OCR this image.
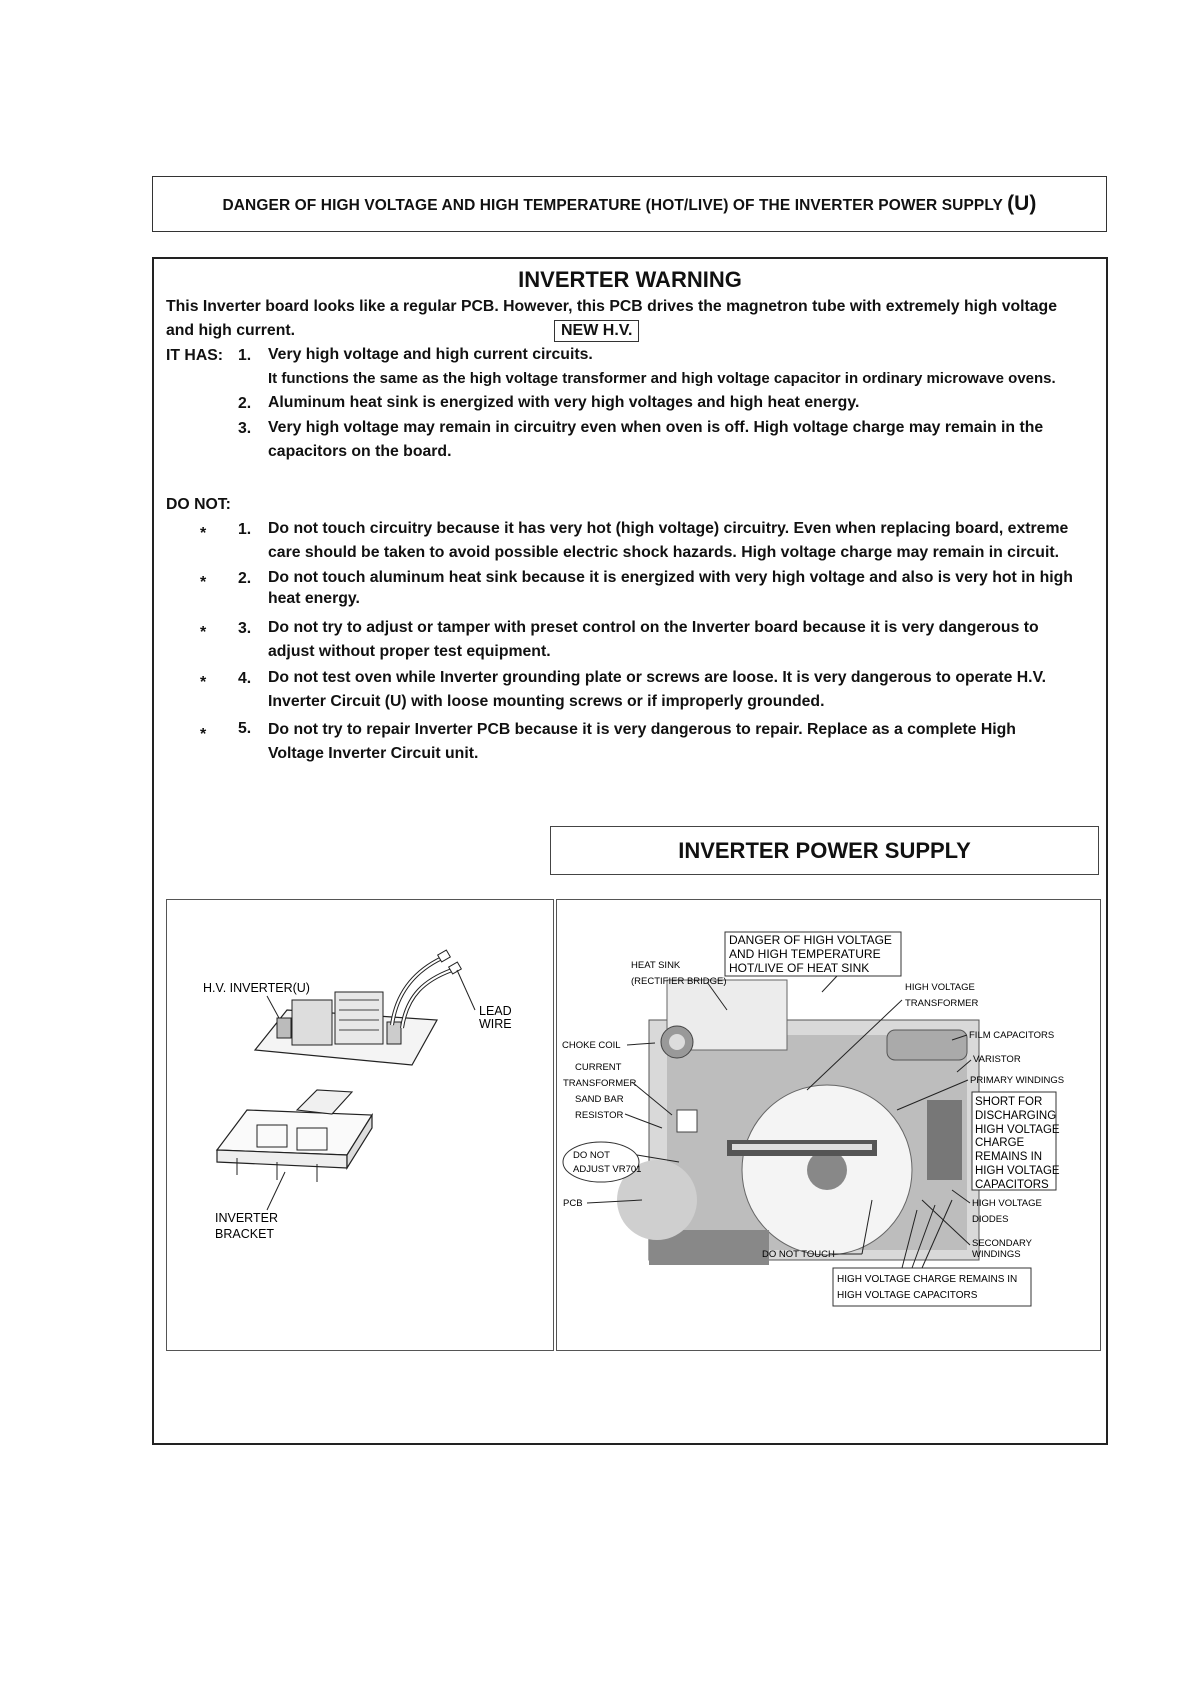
DANGER OF HIGH VOLTAGE AND HIGH TEMPERATURE (HOT/LIVE) OF THE INVERTER POWER SUPPLY (U)
INVERTER WARNING
This Inverter board looks like a regular PCB. However, this PCB drives the magnetron tube with extremely high voltage
and high current.	NEW H.V.
IT HAS: 1. Very high voltage and high current circuits.
It functions the same as the high voltage transformer and high voltage capacitor in ordinary microwave ovens.
2. Aluminum heat sink is energized with very high voltages and high heat energy.
3. Very high voltage may remain in circuitry even when oven is off. High voltage charge may remain in the
capacitors on the board.
DO NOT:
* 1. Do not touch circuitry because it has very hot (high voltage) circuitry. Even when replacing board, extreme
care should be taken to avoid possible electric shock hazards. High voltage charge may remain in circuit.
* 2. Do not touch aluminum heat sink because it is energized with very high voltage and also is very hot in high
heat energy.
* 3. Do not try to adjust or tamper with preset control on the Inverter board because it is very dangerous to
adjust without proper test equipment.
* 4. Do not test oven while Inverter grounding plate or screws are loose. It is very dangerous to operate H.V.
Inverter Circuit (U) with loose mounting screws or if improperly grounded.
* 5. Do not try to repair Inverter PCB because it is very dangerous to repair. Replace as a complete High
Voltage Inverter Circuit unit.
INVERTER POWER SUPPLY
H.V. INVERTER(U)
LEAD
WIRE
INVERTER
BRACKET
DANGER OF HIGH VOLTAGE
AND HIGH TEMPERATURE
HOT/LIVE OF HEAT SINK
HEAT SINK
(RECTIFIER BRIDGE)
HIGH VOLTAGE
TRANSFORMER
CHOKE COIL
FILM CAPACITORS
CURRENT
TRANSFORMER
VARISTOR
SAND BAR
RESISTOR
PRIMARY WINDINGS
SHORT FOR
DISCHARGING
HIGH VOLTAGE
CHARGE
REMAINS IN
HIGH VOLTAGE
CAPACITORS
DO NOT
ADJUST VR701
PCB	HIGH VOLTAGE
DIODES
SECONDARY
WINDINGS
DO NOT TOUCH
HIGH VOLTAGE CHARGE REMAINS IN
HIGH VOLTAGE CAPACITORS
